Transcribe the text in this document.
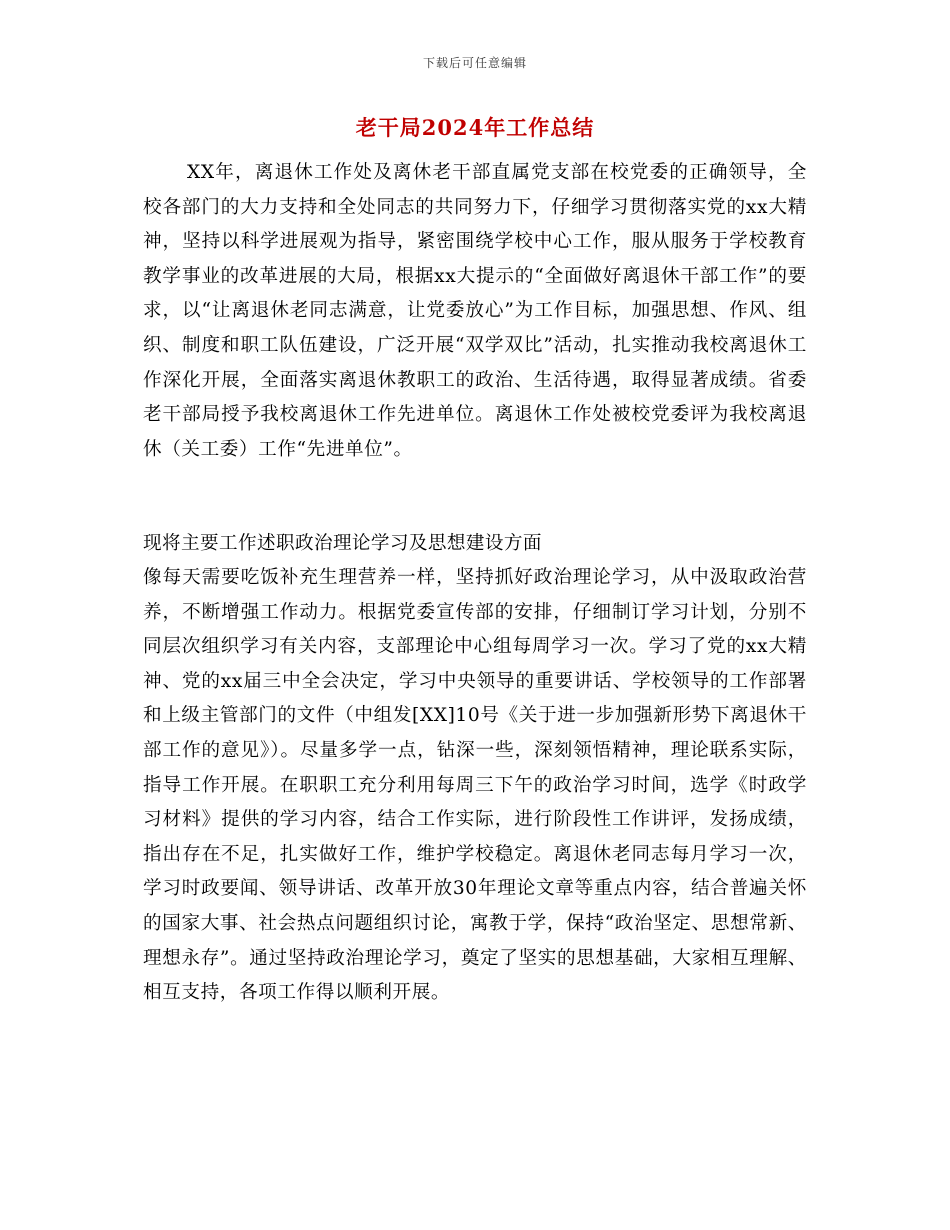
下载后可任意编辑
老干局2024年工作总结

XX年，离退休工作处及离休老干部直属党支部在校党委的正确领导，全校各部门的大力支持和全处同志的共同努力下，仔细学习贯彻落实党的xx大精神，坚持以科学进展观为指导，紧密围绕学校中心工作，服从服务于学校教育教学事业的改革进展的大局，根据xx大提示的“全面做好离退休干部工作”的要求，以“让离退休老同志满意，让党委放心”为工作目标，加强思想、作风、组织、制度和职工队伍建设，广泛开展“双学双比”活动，扎实推动我校离退休工作深化开展，全面落实离退休教职工的政治、生活待遇，取得显著成绩。省委老干部局授予我校离退休工作先进单位。离退休工作处被校党委评为我校离退休（关工委）工作“先进单位”。

现将主要工作述职政治理论学习及思想建设方面

像每天需要吃饭补充生理营养一样，坚持抓好政治理论学习，从中汲取政治营养，不断增强工作动力。根据党委宣传部的安排，仔细制订学习计划，分别不同层次组织学习有关内容，支部理论中心组每周学习一次。学习了党的xx大精神、党的xx届三中全会决定，学习中央领导的重要讲话、学校领导的工作部署和上级主管部门的文件（中组发[XX]10号《关于进一步加强新形势下离退休干部工作的意见》）。尽量多学一点，钻深一些，深刻领悟精神，理论联系实际，指导工作开展。在职职工充分利用每周三下午的政治学习时间，选学《时政学习材料》提供的学习内容，结合工作实际，进行阶段性工作讲评，发扬成绩，指出存在不足，扎实做好工作，维护学校稳定。离退休老同志每月学习一次，学习时政要闻、领导讲话、改革开放30年理论文章等重点内容，结合普遍关怀的国家大事、社会热点问题组织讨论，寓教于学，保持“政治坚定、思想常新、理想永存”。通过坚持政治理论学习，奠定了坚实的思想基础，大家相互理解、相互支持，各项工作得以顺利开展。
